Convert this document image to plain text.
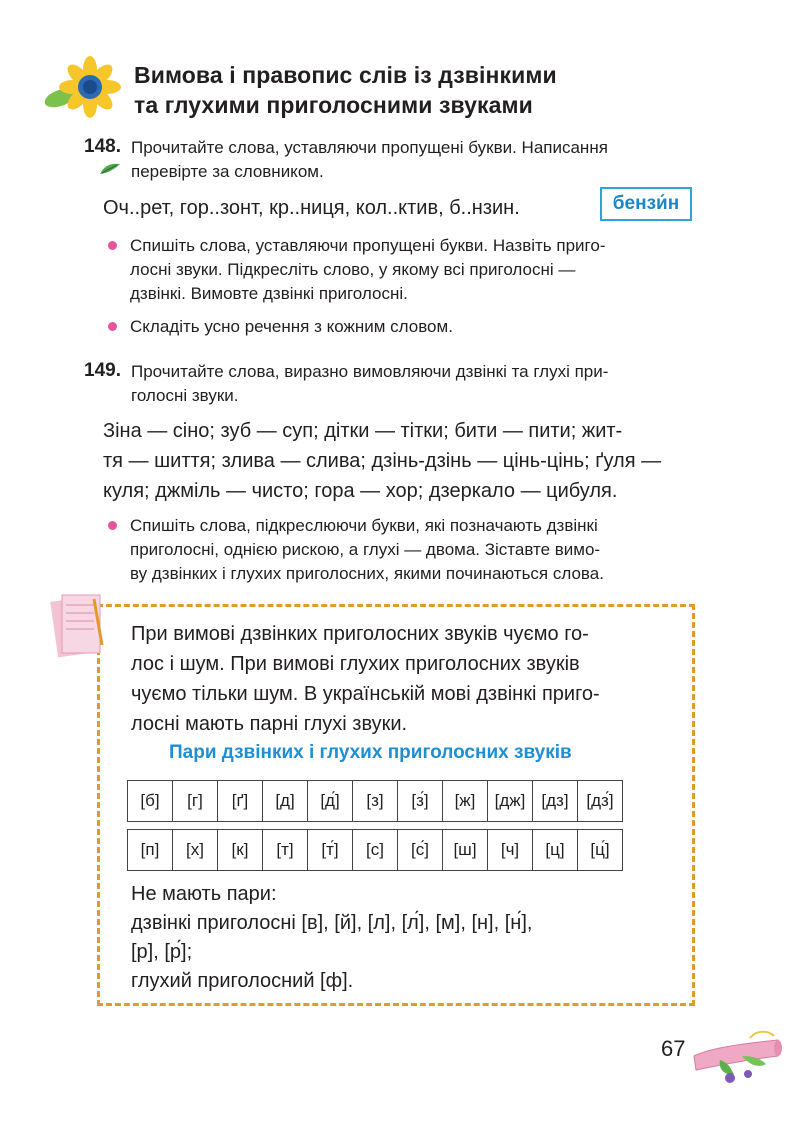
Вимова і правопис слів із дзвінкими
та глухими приголосними звуками
148. Прочитайте слова, уставляючи пропущені букви. Написання
перевірте за словником.
Оч..рет, гор..зонт, кр..ниця, кол..ктив, б..нзин.	бензи́н
Спишіть слова, уставляючи пропущені букви. Назвіть приго-
лосні звуки. Підкресліть слово, у якому всі приголосні —
дзвінкі. Вимовте дзвінкі приголосні.
Складіть усно речення з кожним словом.
149. Прочитайте слова, виразно вимовляючи дзвінкі та глухі при-
голосні звуки.
Зіна — сіно; зуб — суп; дітки — тітки; бити — пити; жит-
тя — шиття; злива — слива; дзінь-дзінь — цінь-цінь; ґуля —
куля; джміль — чисто; гора — хор; дзеркало — цибуля.
Спишіть слова, підкреслюючи букви, які позначають дзвінкі
приголосні, однією рискою, а глухі — двома. Зіставте вимо-
ву дзвінких і глухих приголосних, якими починаються слова.
При вимові дзвінких приголосних звуків чуємо го-
лос і шум. При вимові глухих приголосних звуків
чуємо тільки шум. В українській мові дзвінкі приго-
лосні мають парні глухі звуки.
Пари дзвінких і глухих приголосних звуків
[б]	[г]	[ґ]	[д]	[д́]	[з]	[з́]	[ж]	[дж]	[дз]	[дз́]

[п]	[х]	[к]	[т]	[т́]	[с]	[с́]	[ш]	[ч]	[ц]	[ц́]
Не мають пари:
дзвінкі приголосні [в], [й], [л], [л́], [м], [н], [н́],
[р], [р́];
глухий приголосний [ф].
67
